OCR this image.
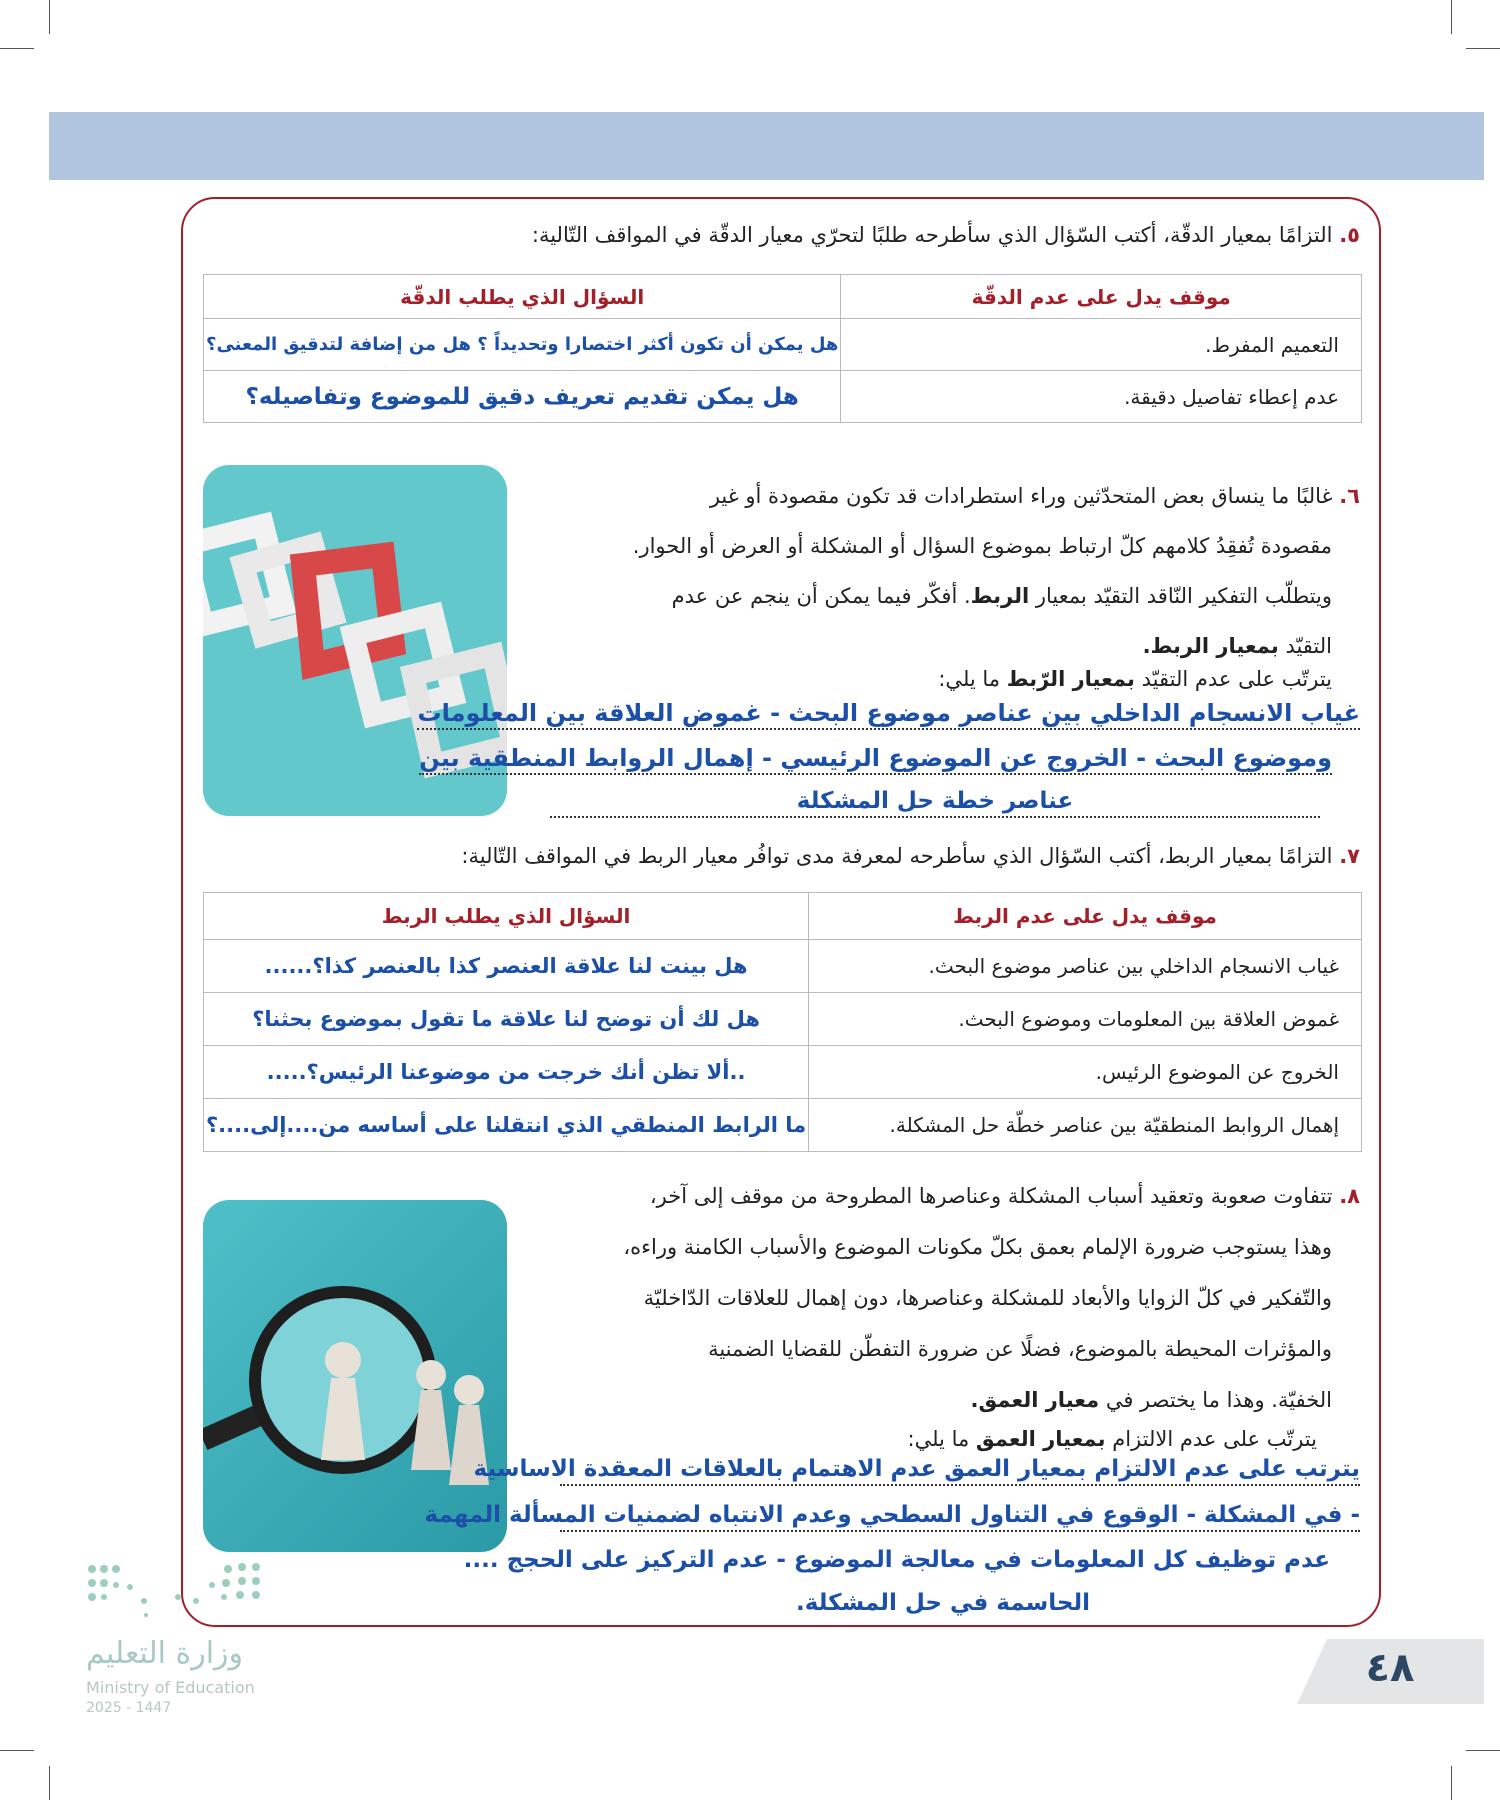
٥. التزامًا بمعيار الدقّة، أكتب السّؤال الذي سأطرحه طلبًا لتحرّي معيار الدقّة في المواقف التّالية:
موقف يدل على عدم الدقّة	السؤال الذي يطلب الدقّة
التعميم المفرط.	هل يمكن أن تكون أكثر اختصارا وتحديداً ؟ هل من إضافة لتدقيق المعنى؟
عدم إعطاء تفاصيل دقيقة.	هل يمكن تقديم تعريف دقيق للموضوع وتفاصيله؟
٦. غالبًا ما ينساق بعض المتحدّثين وراء استطرادات قد تكون مقصودة أو غير
مقصودة تُفقِدُ كلامهم كلّ ارتباط بموضوع السؤال أو المشكلة أو العرض أو الحوار.
ويتطلّب التفكير النّاقد التقيّد بمعيار الربط. أفكّر فيما يمكن أن ينجم عن عدم
التقيّد بمعيار الربط.
يترتّب على عدم التقيّد بمعيار الرّبط ما يلي:
غياب الانسجام الداخلي بين عناصر موضوع البحث - غموض العلاقة بين المعلومات
وموضوع البحث - الخروج عن الموضوع الرئيسي - إهمال الروابط المنطقية بين
عناصر خطة حل المشكلة
٧. التزامًا بمعيار الربط، أكتب السّؤال الذي سأطرحه لمعرفة مدى توافُر معيار الربط في المواقف التّالية:
موقف يدل على عدم الربط	السؤال الذي يطلب الربط
غياب الانسجام الداخلي بين عناصر موضوع البحث.	هل بينت لنا علاقة العنصر كذا بالعنصر كذا؟......
غموض العلاقة بين المعلومات وموضوع البحث.	هل لك أن توضح لنا علاقة ما تقول بموضوع بحثنا؟
الخروج عن الموضوع الرئيس.	..ألا تظن أنك خرجت من موضوعنا الرئيس؟.....
إهمال الروابط المنطقيّة بين عناصر خطّة حل المشكلة.	ما الرابط المنطقي الذي انتقلنا على أساسه من....إلى....؟
٨. تتفاوت صعوبة وتعقيد أسباب المشكلة وعناصرها المطروحة من موقف إلى آخر،
وهذا يستوجب ضرورة الإلمام بعمق بكلّ مكونات الموضوع والأسباب الكامنة وراءه،
والتّفكير في كلّ الزوايا والأبعاد للمشكلة وعناصرها، دون إهمال للعلاقات الدّاخليّة
والمؤثرات المحيطة بالموضوع، فضلًا عن ضرورة التفطّن للقضايا الضمنية
الخفيّة. وهذا ما يختصر في معيار العمق.
يترتّب على عدم الالتزام بمعيار العمق ما يلي:
يترتب على عدم الالتزام بمعيار العمق عدم الاهتمام بالعلاقات المعقدة الاساسية
- في المشكلة - الوقوع في التناول السطحي وعدم الانتباه لضمنيات المسألة المهمة
عدم توظيف كل المعلومات في معالجة الموضوع - عدم التركيز على الحجج ....
الحاسمة في حل المشكلة.
وزارة التعليم
Ministry of Education
2025 - 1447
٤٨
